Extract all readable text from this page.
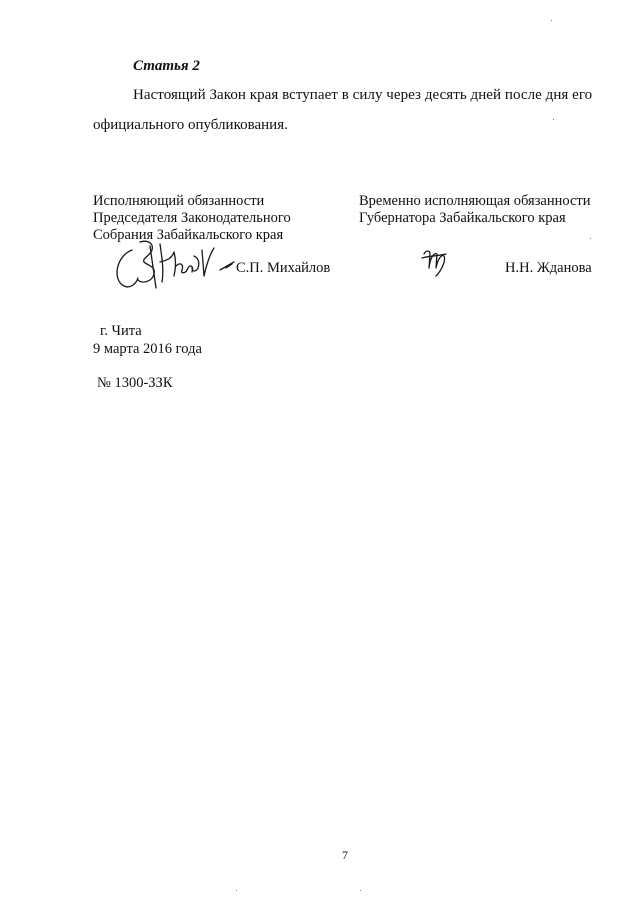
Статья 2
Настоящий Закон края вступает в силу через десять дней после дня его
официального опубликования.
Исполняющий обязанности
Председателя Законодательного
Собрания Забайкальского края
Временно исполняющая обязанности
Губернатора Забайкальского края
С.П. Михайлов	Н.Н. Жданова
г. Чита
9 марта 2016 года
№ 1300-ЗЗК
7
